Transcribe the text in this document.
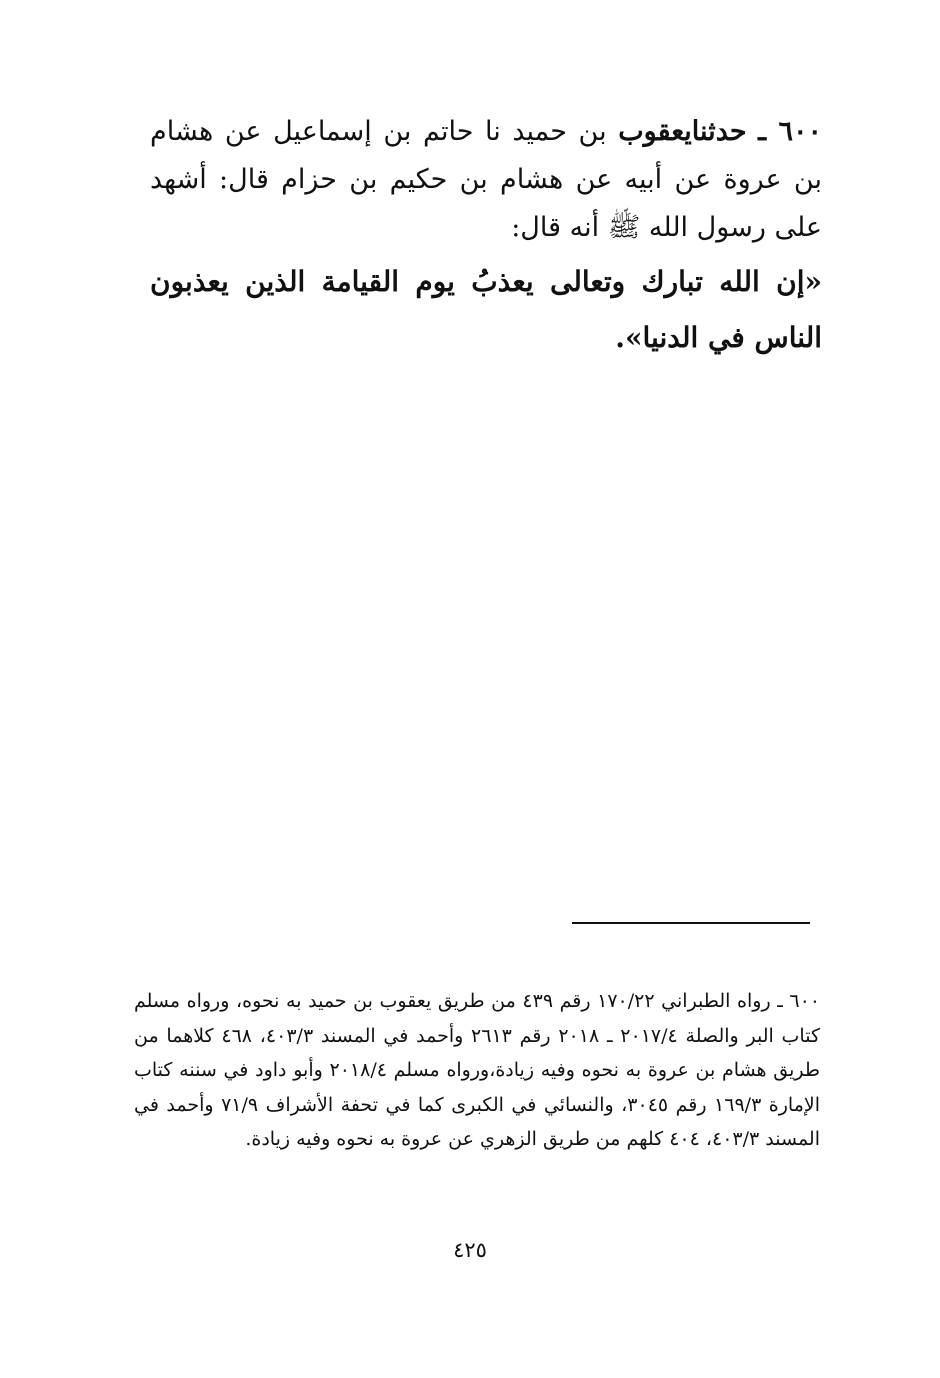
٦٠٠ ـ حدثنايعقوب بن حميد نا حاتم بن إسماعيل عن هشام بن عروة عن أبيه عن هشام بن حكيم بن حزام قال: أشهد على رسول الله ﷺ أنه قال:

«إن الله تبارك وتعالى يعذبُ يوم القيامة الذين يعذبون الناس في الدنيا».

٦٠٠ ـ رواه الطبراني ١٧٠/٢٢ رقم ٤٣٩ من طريق يعقوب بن حميد به نحوه، ورواه مسلم كتاب البر والصلة ٢٠١٧/٤ ـ ٢٠١٨ رقم ٢٦١٣ وأحمد في المسند ٤٠٣/٣، ٤٦٨ كلاهما من طريق هشام بن عروة به نحوه وفيه زيادة،ورواه مسلم ٢٠١٨/٤ وأبو داود في سننه كتاب الإمارة ١٦٩/٣ رقم ٣٠٤٥، والنسائي في الكبرى كما في تحفة الأشراف ٧١/٩ وأحمد في المسند ٤٠٣/٣، ٤٠٤ كلهم من طريق الزهري عن عروة به نحوه وفيه زيادة.
٤٢٥
